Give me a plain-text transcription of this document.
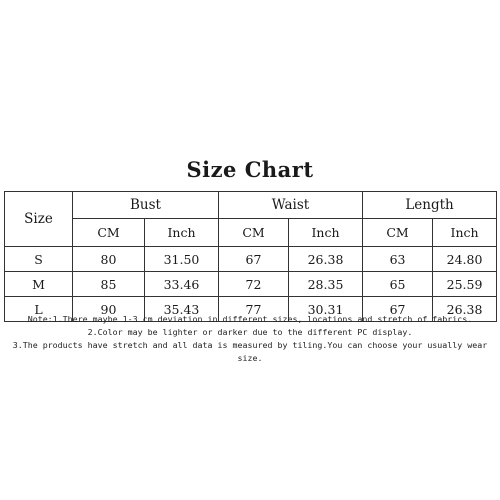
Size Chart
Size	Bust		Waist		Length	
	CM	Inch	CM	Inch	CM	Inch
S	80	31.50	67	26.38	63	24.80
M	85	33.46	72	28.35	65	25.59
L	90	35.43	77	30.31	67	26.38
Note:1.There maybe 1-3 cm deviation in different sizes, locations and stretch of fabrics.
2.Color may be lighter or darker due to the different PC display.
3.The products have stretch and all data is measured by tiling.You can choose your usually wear size.
